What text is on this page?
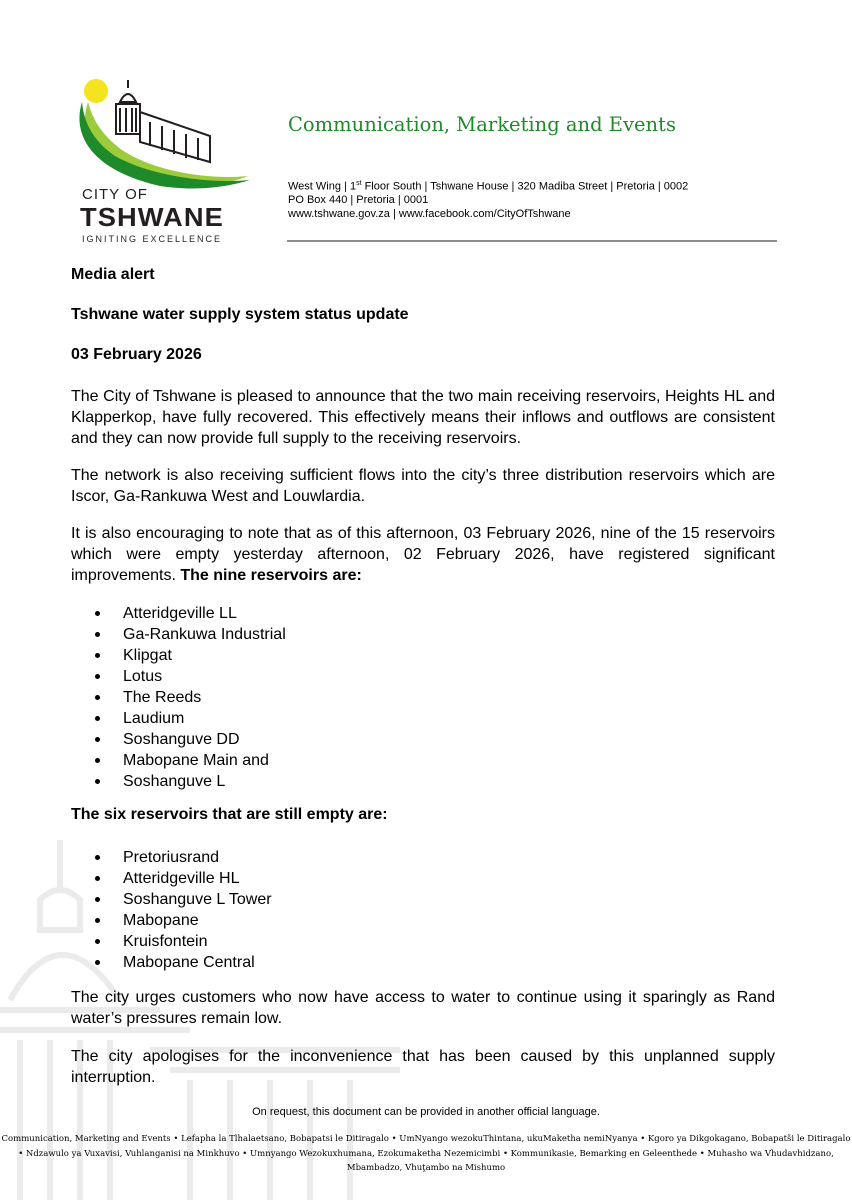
CITY OF
TSHWANE
IGNITING EXCELLENCE
Communication, Marketing and Events
West Wing | 1st Floor South | Tshwane House | 320 Madiba Street | Pretoria | 0002
PO Box 440 | Pretoria | 0001
www.tshwane.gov.za | www.facebook.com/CityOfTshwane
Media alert
Tshwane water supply system status update
03 February 2026
The City of Tshwane is pleased to announce that the two main receiving reservoirs, Heights HL and Klapperkop, have fully recovered. This effectively means their inflows and outflows are consistent and they can now provide full supply to the receiving reservoirs.
The network is also receiving sufficient flows into the city’s three distribution reservoirs which are Iscor, Ga-Rankuwa West and Louwlardia.
It is also encouraging to note that as of this afternoon, 03 February 2026, nine of the 15 reservoirs which were empty yesterday afternoon, 02 February 2026, have registered significant improvements. The nine reservoirs are:
Atteridgeville LL
Ga-Rankuwa Industrial
Klipgat
Lotus
The Reeds
Laudium
Soshanguve DD
Mabopane Main and
Soshanguve L
The six reservoirs that are still empty are:
Pretoriusrand
Atteridgeville HL
Soshanguve L Tower
Mabopane
Kruisfontein
Mabopane Central
The city urges customers who now have access to water to continue using it sparingly as Rand water’s pressures remain low.
The city apologises for the inconvenience that has been caused by this unplanned supply interruption.
On request, this document can be provided in another official language.
Communication, Marketing and Events • Lefapha la Tlhalaetsano, Bobapatsi le Ditiragalo • UmNyango wezokuThintana, ukuMaketha nemiNyanya • Kgoro ya Dikgokagano, Bobapatši le Ditiragalo
• Ndzawulo ya Vuxavisi, Vuhlanganisi na Minkhuvo • Umnyango Wezokuxhumana, Ezokumaketha Nezemicimbi • Kommunikasie, Bemarking en Geleenthede • Muhasho wa Vhudavhidzano,
Mbambadzo, Vhuṱambo na Mishumo
